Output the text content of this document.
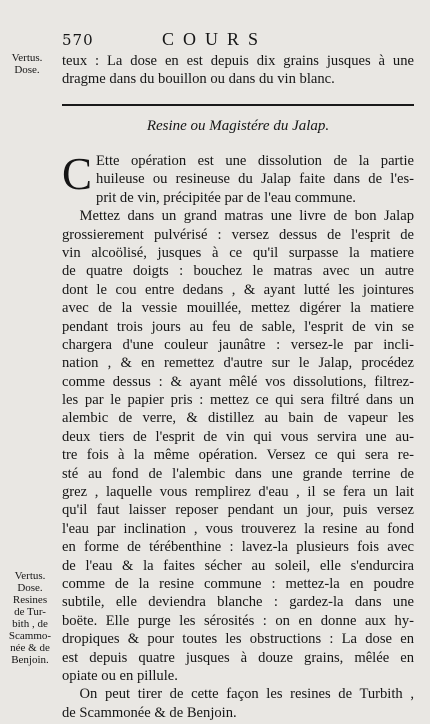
570	COURS
Vertus.
Dose.
teux : La dose en est depuis dix grains jusques à une
dragme dans du bouillon ou dans du vin blanc.
Resine ou Magistére du Jalap.
C Ette opération est une dissolution de la partie
huileuse ou resineuse du Jalap faite dans de l'es-
prit de vin, précipitée par de l'eau commune.
Mettez dans un grand matras une livre de bon Jalap
grossierement pulvérisé : versez dessus de l'esprit de
vin alcoölisé, jusques à ce qu'il surpasse la matiere
de quatre doigts : bouchez le matras avec un autre
dont le cou entre dedans , & ayant lutté les jointures
avec de la vessie mouillée, mettez digérer la matiere
pendant trois jours au feu de sable, l'esprit de vin se
chargera d'une couleur jaunâtre : versez-le par incli-
nation , & en remettez d'autre sur le Jalap, procédez
comme dessus : & ayant mêlé vos dissolutions, filtrez-
les par le papier pris : mettez ce qui sera filtré dans un
alembic de verre, & distillez au bain de vapeur les
deux tiers de l'esprit de vin qui vous servira une au-
tre fois à la même opération. Versez ce qui sera re-
sté au fond de l'alembic dans une grande terrine de
grez , laquelle vous remplirez d'eau , il se fera un lait
qu'il faut laisser reposer pendant un jour, puis versez
l'eau par inclination , vous trouverez la resine au fond
en forme de térébenthine : lavez-la plusieurs fois avec
de l'eau & la faites sécher au soleil, elle s'endurcira
comme de la resine commune : mettez-la en poudre
subtile, elle deviendra blanche : gardez-la dans une
boëte. Elle purge les sérosités : on en donne aux hy-
dropiques & pour toutes les obstructions : La dose en
est depuis quatre jusques à douze grains, mêlée en
opiate ou en pillule.
On peut tirer de cette façon les resines de Turbith ,
de Scammonée & de Benjoin.
Vertus.
Dose.
Resines
de Tur-
bith , de
Scammo-
née & de
Benjoin.
